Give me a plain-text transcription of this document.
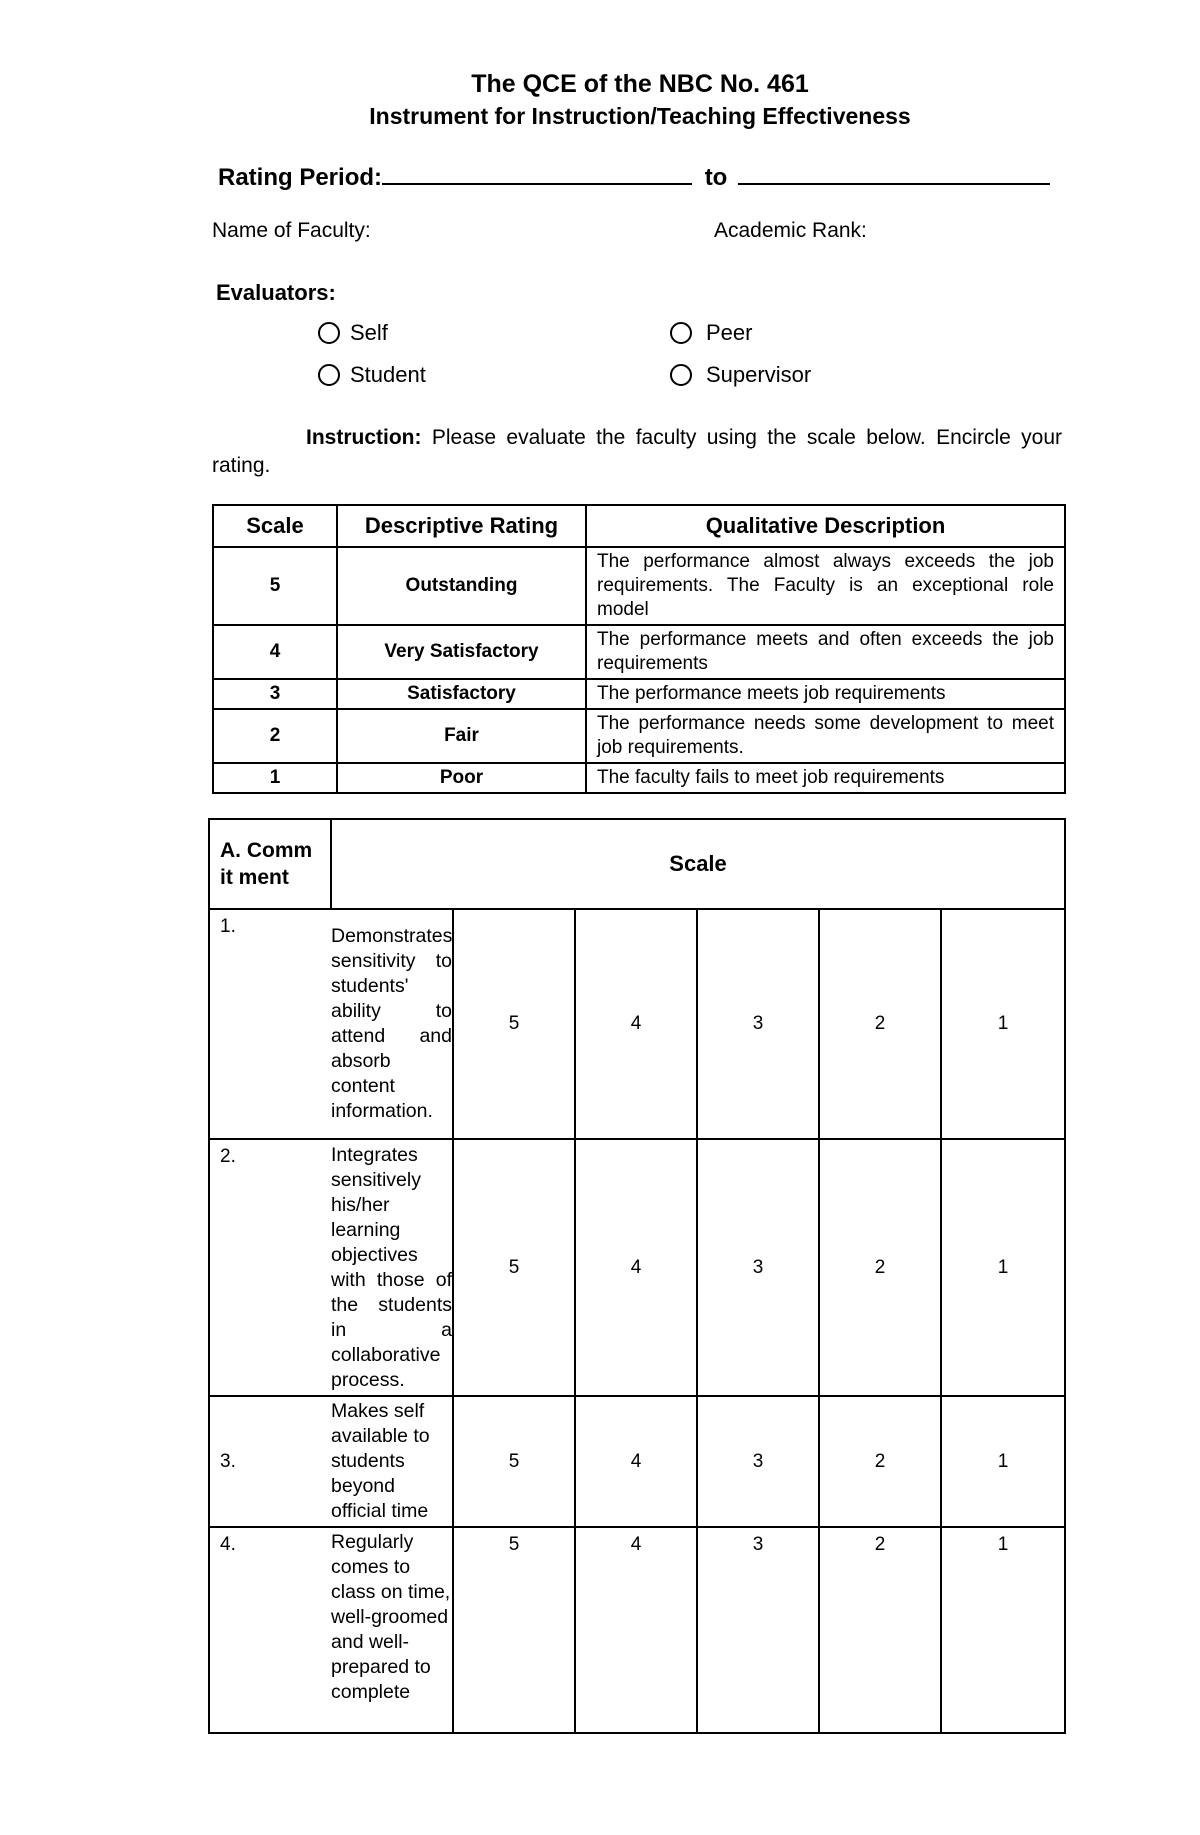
The QCE of the NBC No. 461
Instrument for Instruction/Teaching Effectiveness
Rating Period:	to
Name of Faculty:	Academic Rank:
Evaluators:
Self
Student
Peer
Supervisor
Instruction: Please evaluate the faculty using the scale below. Encircle your rating.
Scale	Descriptive Rating	Qualitative Description
5	Outstanding	The performance almost always exceeds the job requirements. The Faculty is an exceptional role model
4	Very Satisfactory	The performance meets and often exceeds the job requirements
3	Satisfactory	The performance meets job requirements
2	Fair	The performance needs some development to meet job requirements.
1	Poor	The faculty fails to meet job requirements
A. Commit ment	Scale					
1.	Demonstrates sensitivity to students' ability to attend and absorb content information.	5	4	3	2	1
2.	Integrates sensitively his/her learning objectives with those of the students in a collaborative process.	5	4	3	2	1
3.	Makes self available to students beyond official time	5	4	3	2	1
4.	Regularly comes to class on time, well-groomed and well-prepared to complete	5	4	3	2	1
